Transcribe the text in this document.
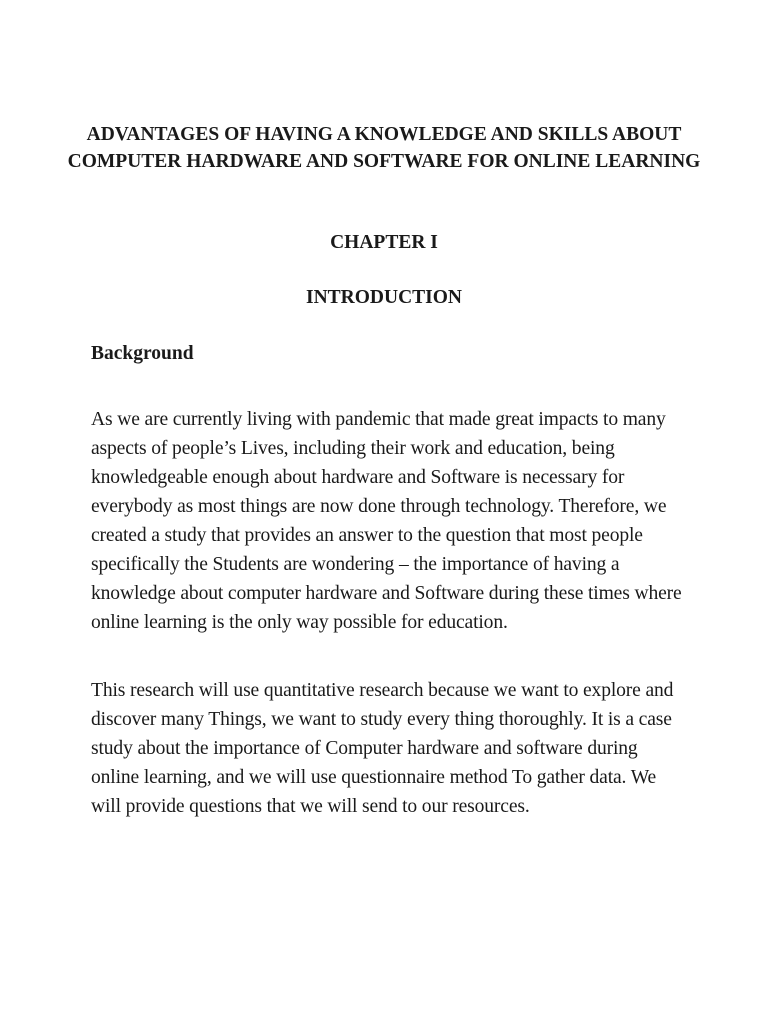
ADVANTAGES OF HAVING A KNOWLEDGE AND SKILLS ABOUT COMPUTER HARDWARE AND SOFTWARE FOR ONLINE LEARNING
CHAPTER I
INTRODUCTION
Background

As we are currently living with pandemic that made great impacts to many aspects of people’s Lives, including their work and education, being knowledgeable enough about hardware and Software is necessary for everybody as most things are now done through technology. Therefore, we created a study that provides an answer to the question that most people specifically the Students are wondering – the importance of having a knowledge about computer hardware and Software during these times where online learning is the only way possible for education.

This research will use quantitative research because we want to explore and discover many Things, we want to study every thing thoroughly. It is a case study about the importance of Computer hardware and software during online learning, and we will use questionnaire method To gather data. We will provide questions that we will send to our resources.
